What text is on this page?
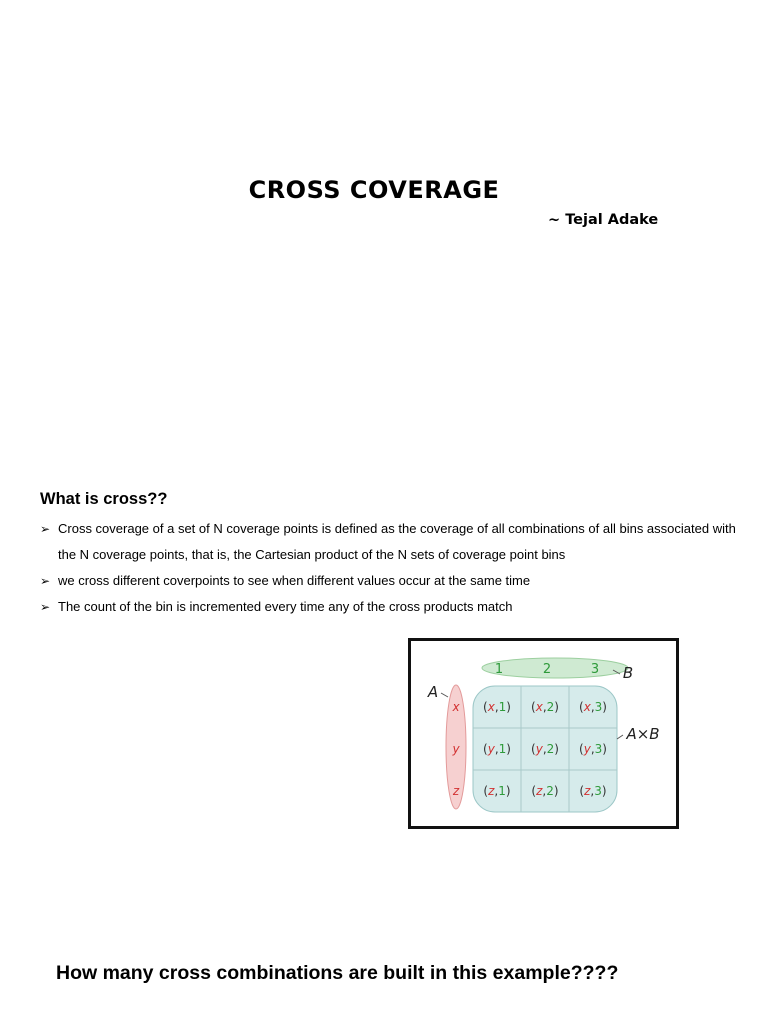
CROSS COVERAGE
~ Tejal Adake
What is cross??
➢ Cross coverage of a set of N coverage points is defined as the coverage of all combinations of all bins associated with the N coverage points, that is, the Cartesian product of the N sets of coverage point bins
➢ we cross different coverpoints to see when different values occur at the same time
➢ The count of the bin is incremented every time any of the cross products match
1	2	3
x
y
z
(x,1) (x,2) (x,3)
(y,1) (y,2) (y,3)
(z,1) (z,2) (z,3)
A
B
A×B
How many cross combinations are built in this example????
